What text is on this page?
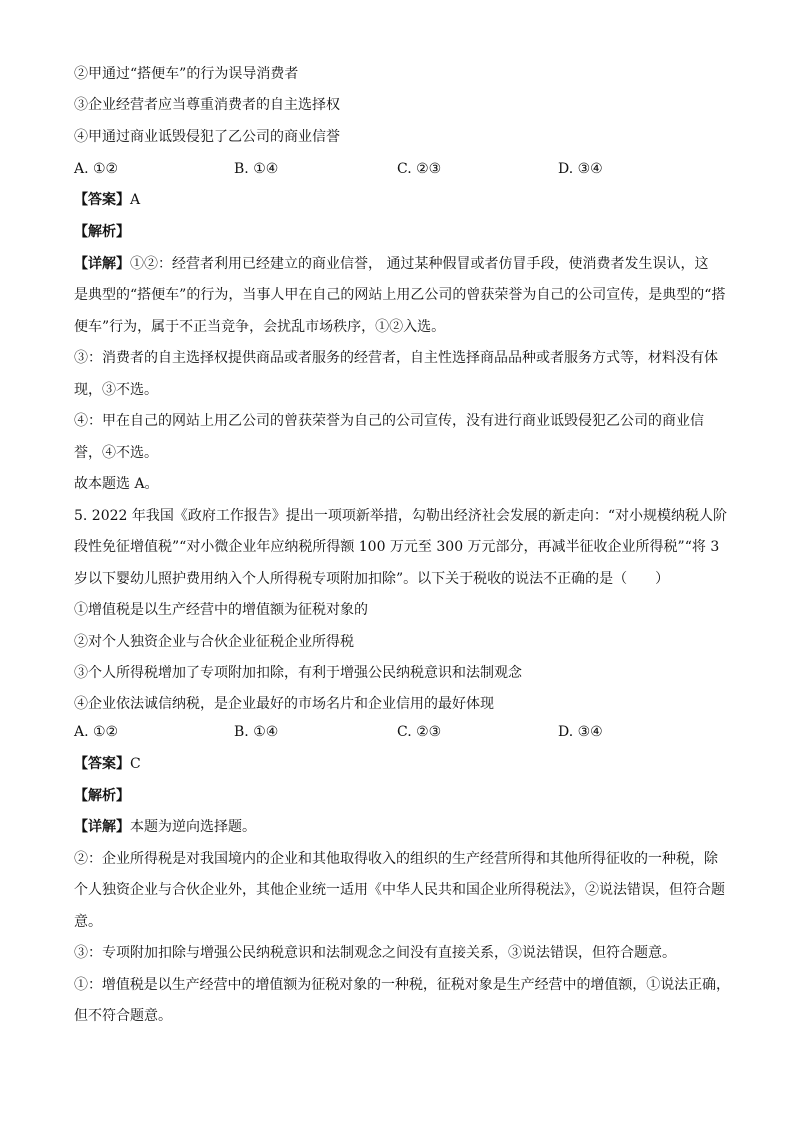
②甲通过“搭便车”的行为误导消费者
③企业经营者应当尊重消费者的自主选择权
④甲通过商业诋毁侵犯了乙公司的商业信誉
A. ①②	B. ①④	C. ②③	D. ③④
【答案】A
【解析】
【详解】①②：经营者利用已经建立的商业信誉， 通过某种假冒或者仿冒手段，使消费者发生误认，这
是典型的“搭便车”的行为，当事人甲在自己的网站上用乙公司的曾获荣誉为自己的公司宣传，是典型的“搭
便车”行为，属于不正当竞争，会扰乱市场秩序，①②入选。
③：消费者的自主选择权提供商品或者服务的经营者，自主性选择商品品种或者服务方式等，材料没有体
现，③不选。
④：甲在自己的网站上用乙公司的曾获荣誉为自己的公司宣传，没有进行商业诋毁侵犯乙公司的商业信
誉，④不选。
故本题选 A。
5. 2022 年我国《政府工作报告》提出一项项新举措，勾勒出经济社会发展的新走向：“对小规模纳税人阶
段性免征增值税”“对小微企业年应纳税所得额 100 万元至 300 万元部分，再减半征收企业所得税”“将 3
岁以下婴幼儿照护费用纳入个人所得税专项附加扣除”。以下关于税收的说法不正确的是（　　）
①增值税是以生产经营中的增值额为征税对象的
②对个人独资企业与合伙企业征税企业所得税
③个人所得税增加了专项附加扣除，有利于增强公民纳税意识和法制观念
④企业依法诚信纳税，是企业最好的市场名片和企业信用的最好体现
A. ①②	B. ①④	C. ②③	D. ③④
【答案】C
【解析】
【详解】本题为逆向选择题。
②：企业所得税是对我国境内的企业和其他取得收入的组织的生产经营所得和其他所得征收的一种税，除
个人独资企业与合伙企业外，其他企业统一适用《中华人民共和国企业所得税法》，②说法错误，但符合题
意。
③：专项附加扣除与增强公民纳税意识和法制观念之间没有直接关系，③说法错误，但符合题意。
①：增值税是以生产经营中的增值额为征税对象的一种税，征税对象是生产经营中的增值额，①说法正确，
但不符合题意。
